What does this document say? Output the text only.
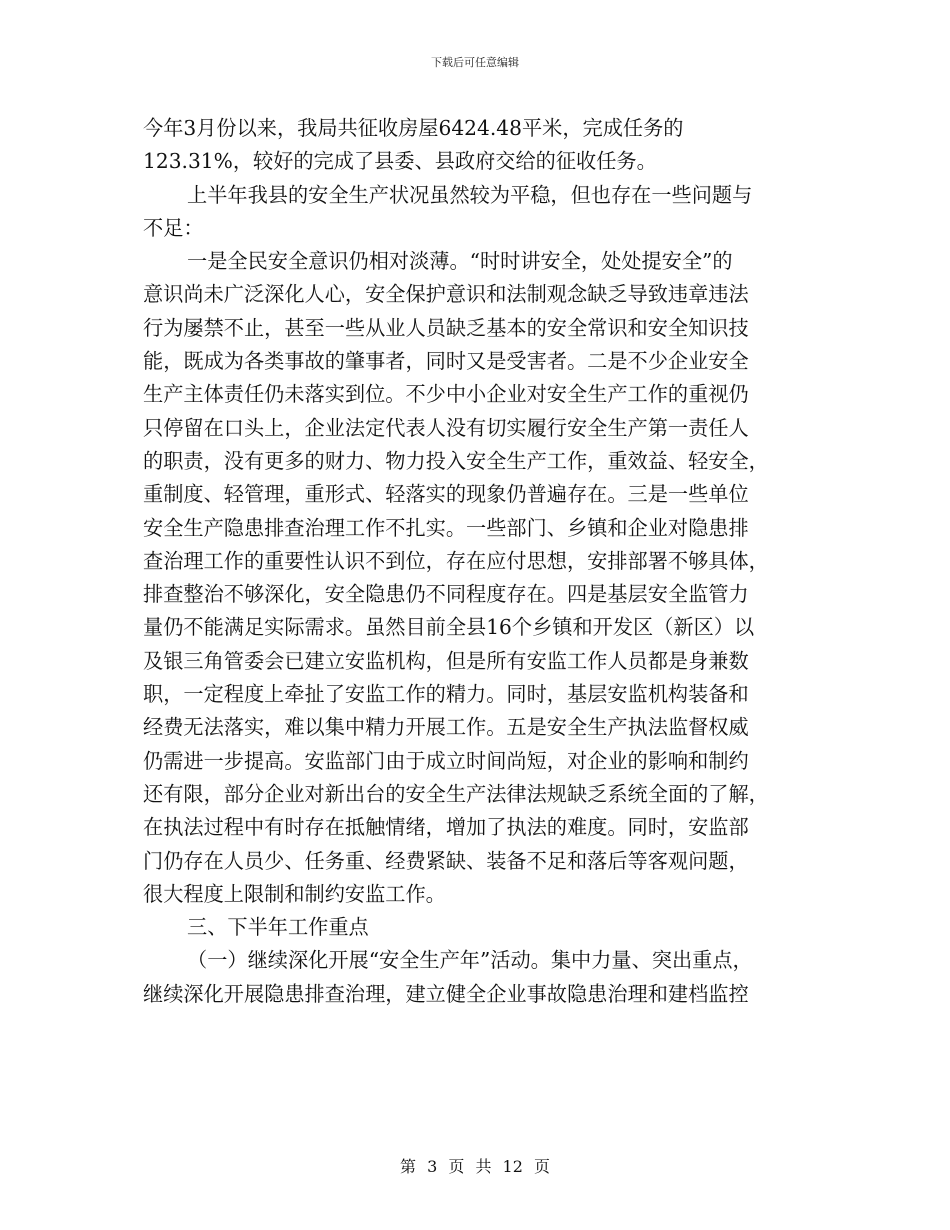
下载后可任意编辑
今年3月份以来，我局共征收房屋6424.48平米，完成任务的
123.31%，较好的完成了县委、县政府交给的征收任务。
上半年我县的安全生产状况虽然较为平稳，但也存在一些问题与
不足：
一是全民安全意识仍相对淡薄。“时时讲安全，处处提安全”的
意识尚未广泛深化人心，安全保护意识和法制观念缺乏导致违章违法
行为屡禁不止，甚至一些从业人员缺乏基本的安全常识和安全知识技
能，既成为各类事故的肇事者，同时又是受害者。二是不少企业安全
生产主体责任仍未落实到位。不少中小企业对安全生产工作的重视仍
只停留在口头上，企业法定代表人没有切实履行安全生产第一责任人
的职责，没有更多的财力、物力投入安全生产工作，重效益、轻安全，
重制度、轻管理，重形式、轻落实的现象仍普遍存在。三是一些单位
安全生产隐患排查治理工作不扎实。一些部门、乡镇和企业对隐患排
查治理工作的重要性认识不到位，存在应付思想，安排部署不够具体，
排查整治不够深化，安全隐患仍不同程度存在。四是基层安全监管力
量仍不能满足实际需求。虽然目前全县16个乡镇和开发区（新区）以
及银三角管委会已建立安监机构，但是所有安监工作人员都是身兼数
职，一定程度上牵扯了安监工作的精力。同时，基层安监机构装备和
经费无法落实，难以集中精力开展工作。五是安全生产执法监督权威
仍需进一步提高。安监部门由于成立时间尚短，对企业的影响和制约
还有限，部分企业对新出台的安全生产法律法规缺乏系统全面的了解，
在执法过程中有时存在抵触情绪，增加了执法的难度。同时，安监部
门仍存在人员少、任务重、经费紧缺、装备不足和落后等客观问题，
很大程度上限制和制约安监工作。
三、下半年工作重点
（一）继续深化开展“安全生产年”活动。集中力量、突出重点，
继续深化开展隐患排查治理，建立健全企业事故隐患治理和建档监控
第 3 页 共 12 页
